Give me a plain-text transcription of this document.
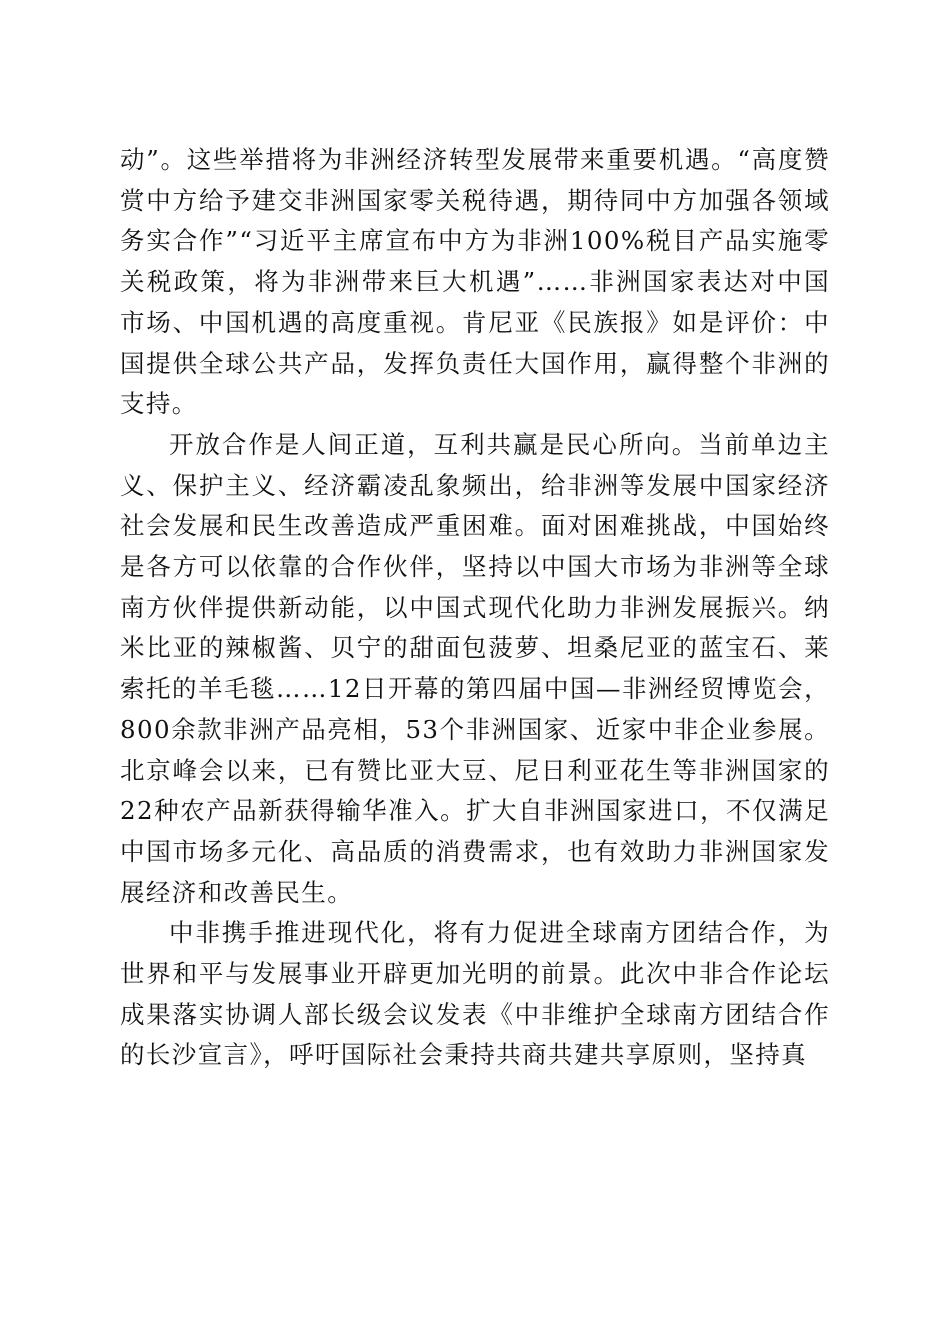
动”。这些举措将为非洲经济转型发展带来重要机遇。“高度赞赏中方给予建交非洲国家零关税待遇，期待同中方加强各领域务实合作”“习近平主席宣布中方为非洲100%税目产品实施零关税政策，将为非洲带来巨大机遇”……非洲国家表达对中国市场、中国机遇的高度重视。肯尼亚《民族报》如是评价：中国提供全球公共产品，发挥负责任大国作用，赢得整个非洲的支持。

开放合作是人间正道，互利共赢是民心所向。当前单边主义、保护主义、经济霸凌乱象频出，给非洲等发展中国家经济社会发展和民生改善造成严重困难。面对困难挑战，中国始终是各方可以依靠的合作伙伴，坚持以中国大市场为非洲等全球南方伙伴提供新动能，以中国式现代化助力非洲发展振兴。纳米比亚的辣椒酱、贝宁的甜面包菠萝、坦桑尼亚的蓝宝石、莱索托的羊毛毯……12日开幕的第四届中国—非洲经贸博览会，800余款非洲产品亮相，53个非洲国家、近家中非企业参展。北京峰会以来，已有赞比亚大豆、尼日利亚花生等非洲国家的22种农产品新获得输华准入。扩大自非洲国家进口，不仅满足中国市场多元化、高品质的消费需求，也有效助力非洲国家发展经济和改善民生。

中非携手推进现代化，将有力促进全球南方团结合作，为世界和平与发展事业开辟更加光明的前景。此次中非合作论坛成果落实协调人部长级会议发表《中非维护全球南方团结合作的长沙宣言》，呼吁国际社会秉持共商共建共享原则，坚持真
